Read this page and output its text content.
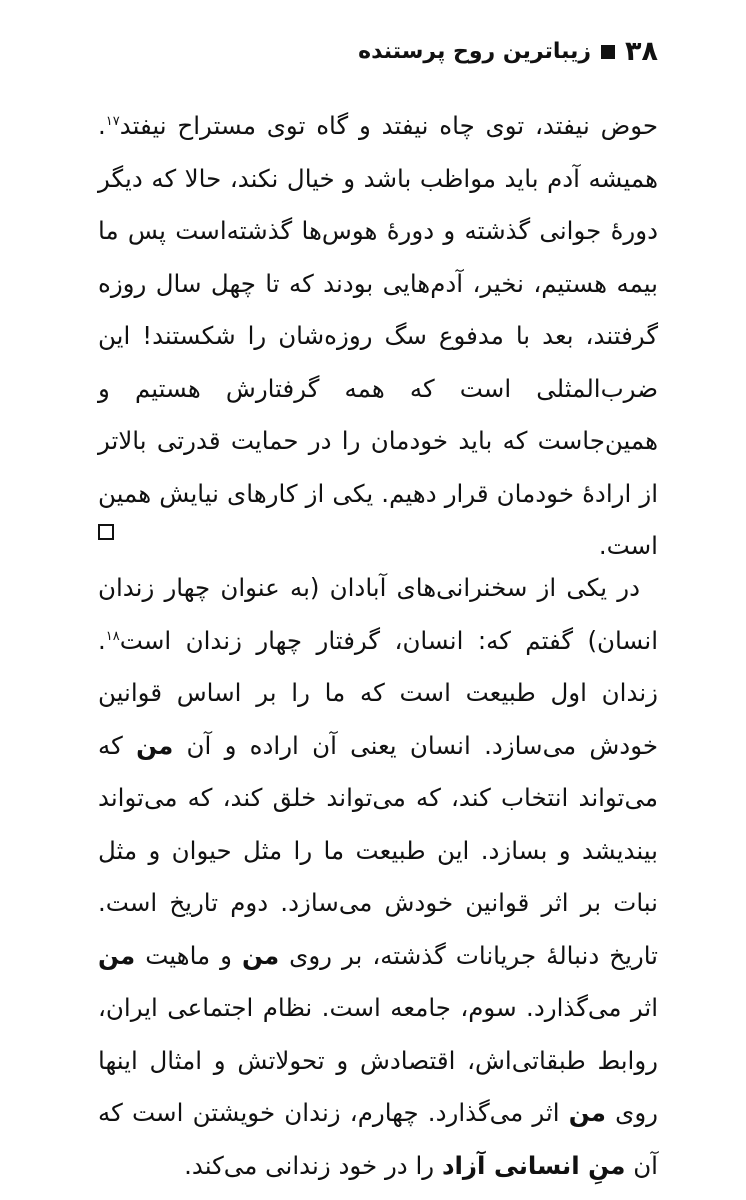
۳۸
زیباترین روح پرستنده

حوض نیفتد، توی چاه نیفتد و گاه توی مستراح نیفتد$^{۱۷}$. همیشه آدم باید مواظب باشد و خیال نکند، حالا که دیگر دورهٔ جوانی گذشته و دورهٔ هوس‌ها گذشته‌است پس ما بیمه هستیم، نخیر، آدم‌هایی بودند که تا چهل سال روزه گرفتند، بعد با مدفوع سگ روزه‌شان را شکستند! این ضرب‌المثلی است که همه گرفتارش هستیم و همین‌جاست که باید خودمان را در حمایت قدرتی بالاتر از ارادهٔ خودمان قرار دهیم. یکی از کارهای نیایش همین است.

در یکی از سخنرانی‌های آبادان (به عنوان چهار زندان انسان) گفتم که: انسان، گرفتار چهار زندان است$^{۱۸}$. زندان اول طبیعت است که ما را بر اساس قوانین خودش می‌سازد. انسان یعنی آن اراده و آن من که می‌تواند انتخاب کند، که می‌تواند خلق کند، که می‌تواند بیندیشد و بسازد. این طبیعت ما را مثل حیوان و مثل نبات بر اثر قوانین خودش می‌سازد. دوم تاریخ است. تاریخ دنبالهٔ جریانات گذشته، بر روی من و ماهیت من اثر می‌گذارد. سوم، جامعه است. نظام اجتماعی ایران، روابط طبقاتی‌اش، اقتصادش و تحولاتش و امثال اینها روی من اثر می‌گذارد. چهارم، زندان خویشتن است که آن منِ انسانی آزاد را در خود زندانی می‌کند.
